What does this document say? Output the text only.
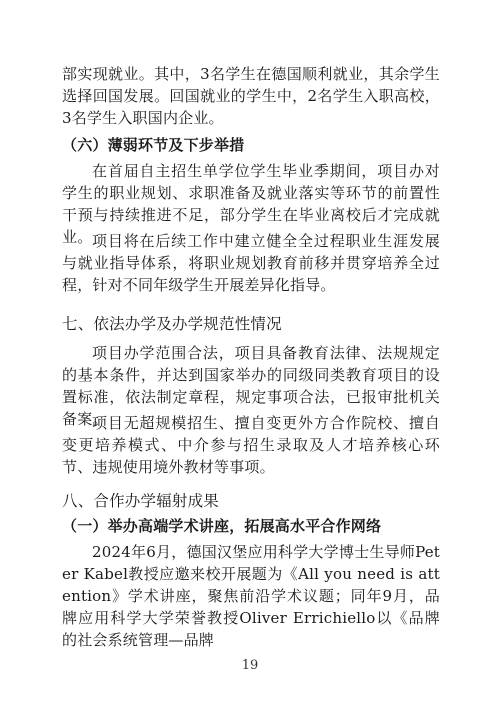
部实现就业。其中，3名学生在德国顺利就业，其余学生选择回国发展。回国就业的学生中，2名学生入职高校，3名学生入职国内企业。

（六）薄弱环节及下步举措

在首届自主招生单学位学生毕业季期间，项目办对学生的职业规划、求职准备及就业落实等环节的前置性干预与持续推进不足，部分学生在毕业离校后才完成就业。 项目将在后续工作中建立健全全过程职业生涯发展与就业指导体系，将职业规划教育前移并贯穿培养全过程，针对不同年级学生开展差异化指导。

七、依法办学及办学规范性情况

项目办学范围合法，项目具备教育法律、法规规定的基本条件，并达到国家举办的同级同类教育项目的设置标准，依法制定章程，规定事项合法，已报审批机关备案。

项目无超规模招生、擅自变更外方合作院校、擅自变更培养模式、中介参与招生录取及人才培养核心环节、违规使用境外教材等事项。

八、合作办学辐射成果

（一）举办高端学术讲座，拓展高水平合作网络

2024年6月，德国汉堡应用科学大学博士生导师Peter Kabel教授应邀来校开展题为《All you need is attention》学术讲座，聚焦前沿学术议题；同年9月，品牌应用科学大学荣誉教授Oliver Errichiello以《品牌的社会系统管理—品牌

19
